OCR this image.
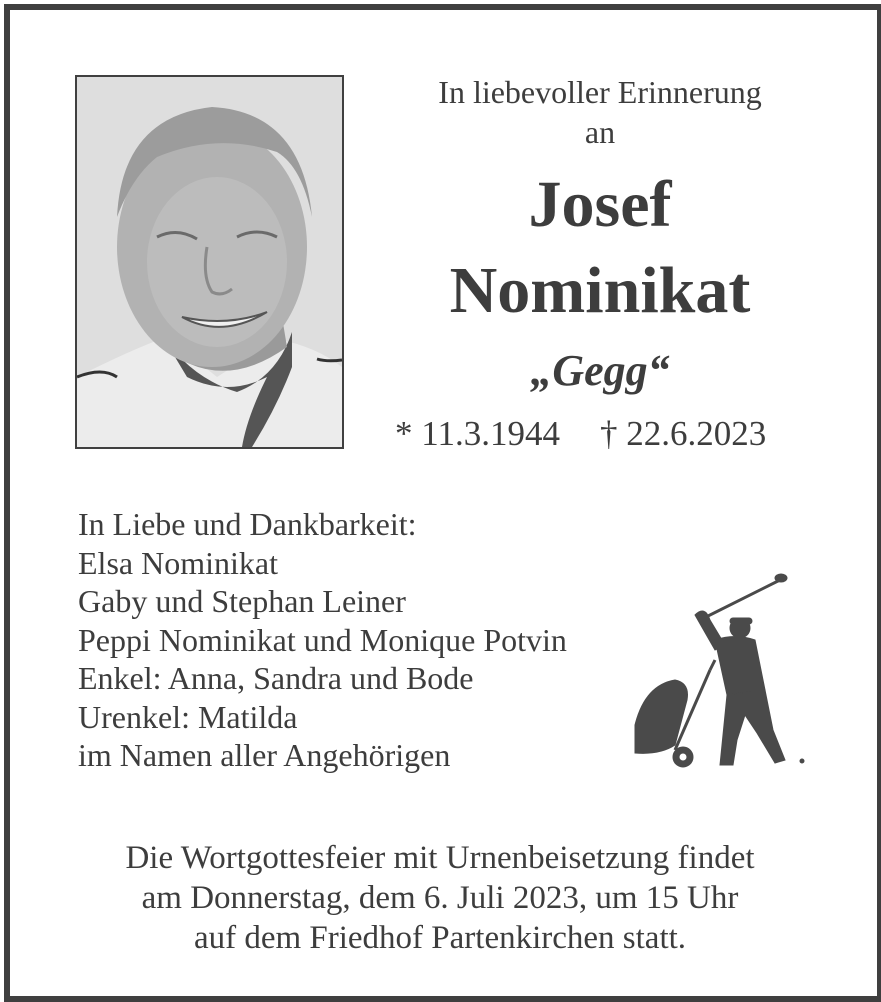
In liebevoller Erinnerung
an
Josef
Nominikat
„Gegg“
* 11.3.1944 † 22.6.2023
In Liebe und Dankbarkeit:
Elsa Nominikat
Gaby und Stephan Leiner
Peppi Nominikat und Monique Potvin
Enkel: Anna, Sandra und Bode
Urenkel: Matilda
im Namen aller Angehörigen
Die Wortgottesfeier mit Urnenbeisetzung findet
am Donnerstag, dem 6. Juli 2023, um 15 Uhr
auf dem Friedhof Partenkirchen statt.
